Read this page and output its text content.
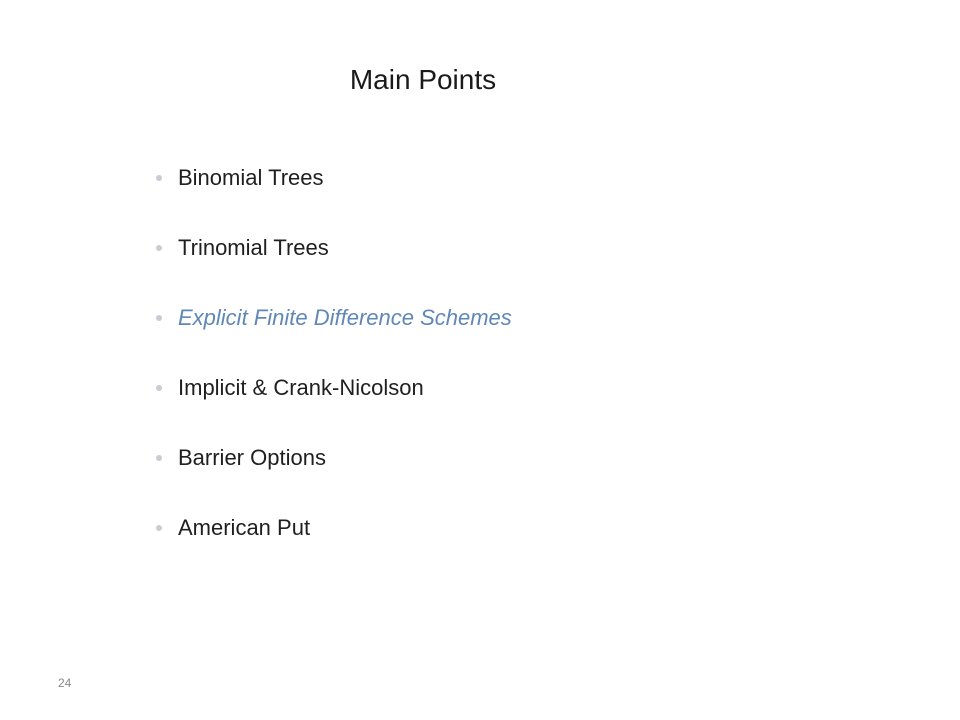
Main Points
Binomial Trees
Trinomial Trees
Explicit Finite Difference Schemes
Implicit & Crank-Nicolson
Barrier Options
American Put
24
